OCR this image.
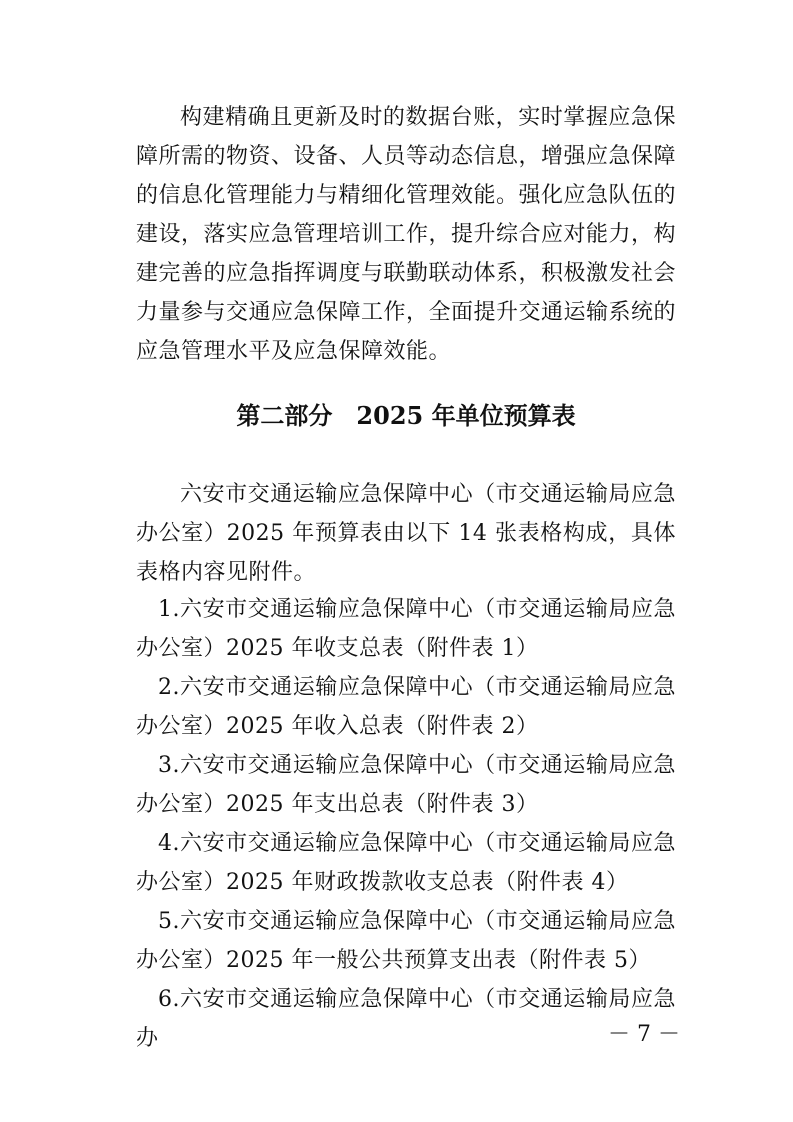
构建精确且更新及时的数据台账，实时掌握应急保障所需的物资、设备、人员等动态信息，增强应急保障的信息化管理能力与精细化管理效能。强化应急队伍的建设，落实应急管理培训工作，提升综合应对能力，构建完善的应急指挥调度与联勤联动体系，积极激发社会力量参与交通应急保障工作，全面提升交通运输系统的应急管理水平及应急保障效能。

第二部分　2025 年单位预算表

六安市交通运输应急保障中心（市交通运输局应急办公室）2025 年预算表由以下 14 张表格构成，具体表格内容见附件。

1.六安市交通运输应急保障中心（市交通运输局应急办公室）2025 年收支总表（附件表 1）
2.六安市交通运输应急保障中心（市交通运输局应急办公室）2025 年收入总表（附件表 2）
3.六安市交通运输应急保障中心（市交通运输局应急办公室）2025 年支出总表（附件表 3）
4.六安市交通运输应急保障中心（市交通运输局应急办公室）2025 年财政拨款收支总表（附件表 4）
5.六安市交通运输应急保障中心（市交通运输局应急办公室）2025 年一般公共预算支出表（附件表 5）
6.六安市交通运输应急保障中心（市交通运输局应急办	－ 7 －
